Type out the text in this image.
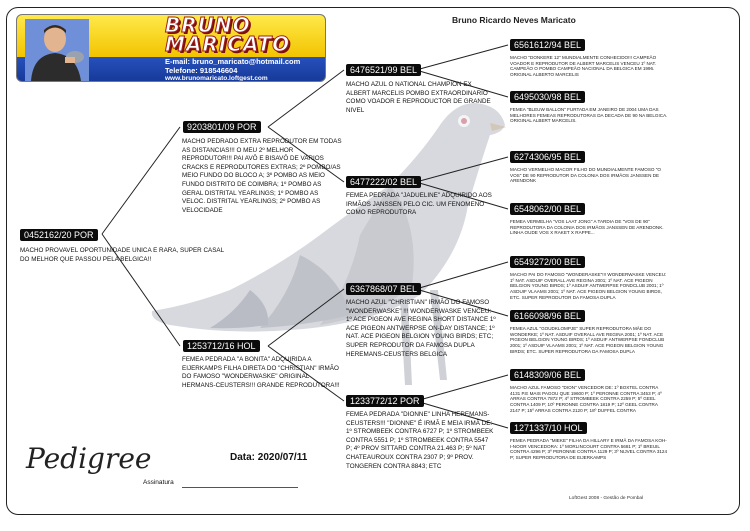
BRUNO
MARICATO
E-mail: bruno_maricato@hotmail.com
Telefone: 918546604
www.brunomaricato.loftgest.com
Bruno Ricardo Neves Maricato
0452162/20 POR
MACHO PROVAVEL OPORTUNIDADE UNICA E RARA, SUPER CASAL DO MELHOR QUE PASSOU PELA BELGICA!!
9203801/09 POR
MACHO PEDRADO EXTRA REPRODUTOR EM TODAS AS DISTANCIAS!!! O MEU 2º MELHOR REPRODUTOR!!! PAI AVÔ E BISAVÔ DE VARIOS CRACKS E REPRODUTORES EXTRAS; 2º POMBO/AS MEIO FUNDO DO BLOCO A; 3º POMBO AS MEIO FUNDO DISTRITO DE COIMBRA; 1º POMBO AS GERAL DISTRITAL YEARLINGS; 1º POMBO AS VELOC. DISTRITAL YEARLINGS; 2º POMBO AS VELOCIDADE
1253712/16 HOL
FEMEA PEDRADA "A BONITA" ADQUIRIDA A EIJERKAMPS FILHA DIRETA DO "CHRISTIAN" IRMÃO DO FAMOSO "WONDERWASKE" ORIGINAL HERMANS-CEUSTERS!!! GRANDE REPRODUTORA!!!
6476521/99 BEL
MACHO AZUL O NATIONAL CHAMPION EX ALBERT MARCELIS POMBO EXTRAORDINARIO COMO VOADOR E REPRODUCTOR DE GRANDE NIVEL
6477222/02 BEL
FEMEA PEDRADA "JADUELINE" ADQUIRIDO AOS IRMÃOS JANSSEN PELO CIC. UM FENOMENO COMO REPRODUTORA
6367868/07 BEL
MACHO AZUL "CHRISTIAN" IRMÃO DO FAMOSO "WONDERWASKE" !!! WONDERWASKE VENCEU: 1º ACE PIGEON AVE REGINA SHORT DISTANCE 1º ACE PIGEON ANTWERPSE ON-DAY DISTANCE; 1º NAT. ACE PIGEON BELGION YOUNG BIRDS; ETC; SUPER REPRODUTOR DA FAMOSA DUPLA HEREMANS-CEUSTERS BELGICA
1233772/12 POR
FEMEA PEDRADA "DIONNE" LINHA HEREMANS-CEUSTERS!!! "DIONNE" É IRMÃ E MEIA IRMÃ DE: 1º STROMBEEK CONTRA 6727 P; 1º STROMBEEK CONTRA 5551 P; 1º STROMBEEK CONTRA 5547 P; 4º PROV SITTARD CONTRA 21.463 P; 5º NAT CHATEAUROUX CONTRA 2307 P; 9º PROV. TONGEREN CONTRA 8843; ETC
6561612/94 BEL
MACHO "DONKERE 12" MUNDIALMENTE CONHECIDO!!! CAMPEÃO VOADOR E REPRODUTOR DE ALBERT MARCELIS VENCEU 1º NAT. CAMPEÃO O POMBO CAMPEÃO NACIONAL DA BELGICA EM 1996. ORIGINAL ALBERTO MARCELIS
6495030/98 BEL
FEMEA "BLEUW BALLON" FURTADA EM JANEIRO DE 2004 UMA DAS MELHORES FEMEAS REPRODUTORAS DA DECADA DE 90 NA BELGICA. ORIGINAL ALBERT MARCELIS.
6274306/95 BEL
MACHO VERMELHO MACOR FILHO DO MUNDIALMENTE FAMOSO "O VOS" DE 90 REPRODUTOR DA COLONIA DOS IRMÃOS JANSSEN DE ARENDONK
6548062/00 BEL
FEMEA VERMELHA "VOS LAAT JONG" A TARDIA DE "VOS DE 90" REPRODUTORA DA COLONIA DOS IRMÃOS JANSSEN DE ARENDONK. LINHA OUDE VOS X RAKET X RAPPE...
6549272/00 BEL
MACHO PAI DO FAMOSO "WONDERASKE"!!! WONDERWASKE VENCEU: 1º NAT. ASDUIF OVERALL AVE REGINA 2001; 1º NAT. ACE PIGEON BELGION YOUNG BIRDS; 1º ASDUIF ANTWERPSE FONDCLUB 2001; 1º ASDUIF VLAAMS 2001; 1º NAT. ACE PIGEON BELGION YOUNG BIRDS, ETC. SUPER REPRODUTOR DA FAMOSA DUPLA
6166098/96 BEL
FEMEA AZUL "GOUDKLOMPJE" SUPER REPRODUTORA MÃE DO WONDERKE; 1º NAT. ASDUIF OVERALL AVE REGINA 2001; 1º NAT. ACE PIGEON BELGION YOUNG BIRDS; 1º ASDUIF ANTWERPSE FONDCLUB 2001; 1º ASDUIF VLAAMS 2001; 1º NAT. ACE PIGEON BELGION YOUNG BIRDS; ETC. SUPER REPRODUTORA DA FAMOSA DUPLA
6148309/06 BEL
MACHO AZUL FAMOSO "DION" VENCEDOR DE: 1º BOXTEL CONTRA 4131 P.E MAIS PAGOU QUE 19600 P; 1º PERONNE CONTRA 3453 P; 4º ARRAS CONTRA 7872 P; 4º STROMBEEK CONTRA 2259 P; 5º GEEL CONTRA 1409 P; 10º PERONNE CONTRA 1819 P; 12º GEEL CONTRA 2147 P; 15º ARRAS CONTRA 2120 P; 18º DUFFEL CONTRA
1271337/10 HOL
FEMEA PEDRADA "MIEKE" FILHA DA HILLARY E IRMÃ DA FAMOSA KOH-I-NOOR VENCEDORA: 1º MORLINCOURT CONTRA 5681 P; 1º BREUIL CONTRA 4296 P; 3º PERONNE CONTRA 1129 P; 3º NIJVEL CONTRA 3124 P; SUPER REPRODUTORA DE EIJERKAMPS
Pedigree	Data: 2020/07/11
Assinatura
LoftGest 2008 - Gestão de Pombal
